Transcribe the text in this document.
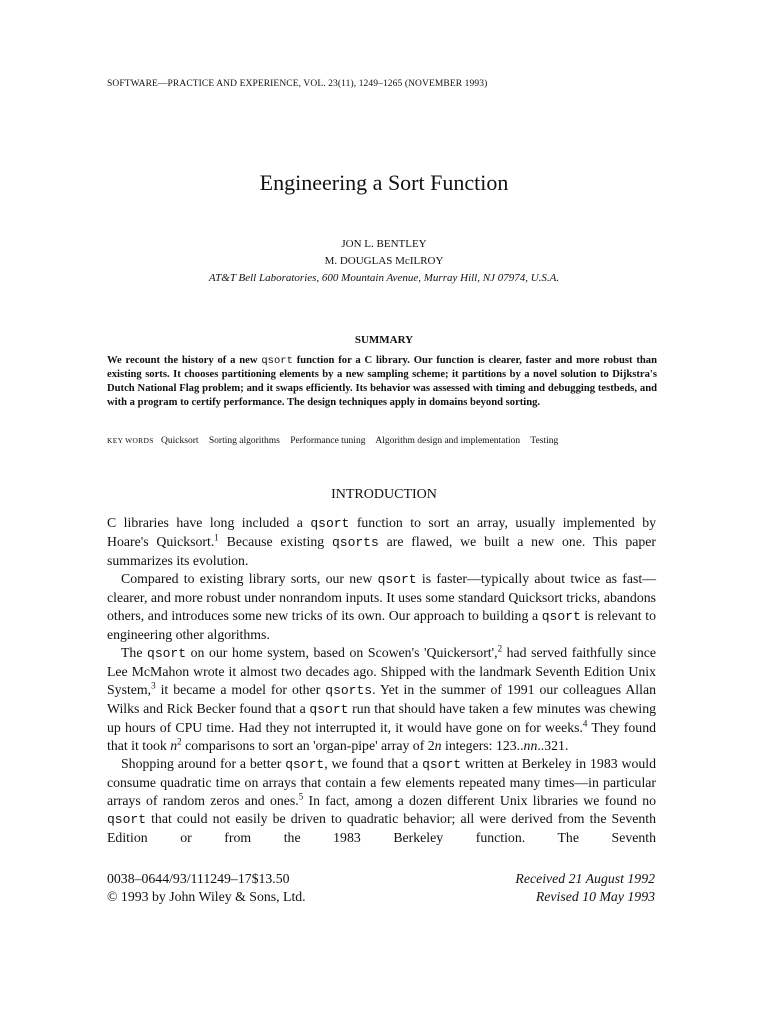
SOFTWARE—PRACTICE AND EXPERIENCE, VOL. 23(11), 1249–1265 (NOVEMBER 1993)
Engineering a Sort Function
JON L. BENTLEY
M. DOUGLAS McILROY
AT&T Bell Laboratories, 600 Mountain Avenue, Murray Hill, NJ 07974, U.S.A.
SUMMARY

We recount the history of a new qsort function for a C library. Our function is clearer, faster and more robust than existing sorts. It chooses partitioning elements by a new sampling scheme; it partitions by a novel solution to Dijkstra's Dutch National Flag problem; and it swaps efficiently. Its behavior was assessed with timing and debugging testbeds, and with a program to certify performance. The design techniques apply in domains beyond sorting.

KEY WORDS Quicksort Sorting algorithms Performance tuning Algorithm design and implementation Testing
INTRODUCTION

C libraries have long included a qsort function to sort an array, usually implemented by

Hoare's Quicksort.$^1$ Because existing qsorts are flawed, we built a new one. This paper

summarizes its evolution.

Compared to existing library sorts, our new qsort is faster—typically about twice as fast—clearer, and more robust under nonrandom inputs. It uses some standard Quicksort tricks, abandons others, and introduces some new tricks of its own. Our approach to building a qsort is relevant to engineering other algorithms.

The qsort on our home system, based on Scowen's 'Quickersort',$^2$ had served faithfully since Lee McMahon wrote it almost two decades ago. Shipped with the landmark Seventh Edition Unix System,$^3$ it became a model for other qsorts. Yet in the summer of 1991 our colleagues Allan Wilks and Rick Becker found that a qsort run that should have taken a few minutes was chewing up hours of CPU time. Had they not interrupted it, it would have gone on for weeks.$^4$ They found that it took $n^2$ comparisons to sort an 'organ-pipe' array of 2n integers: 123..nn..321.

Shopping around for a better qsort, we found that a qsort written at Berkeley in 1983 would consume quadratic time on arrays that contain a few elements repeated many times—in particular arrays of random zeros and ones.$^5$ In fact, among a dozen different Unix libraries we found no qsort that could not easily be driven to quadratic behavior; all were derived from the Seventh Edition or from the 1983 Berkeley function. The Seventh

0038–0644/93/111249–17$13.50
© 1993 by John Wiley & Sons, Ltd.
Received 21 August 1992
Revised 10 May 1993
